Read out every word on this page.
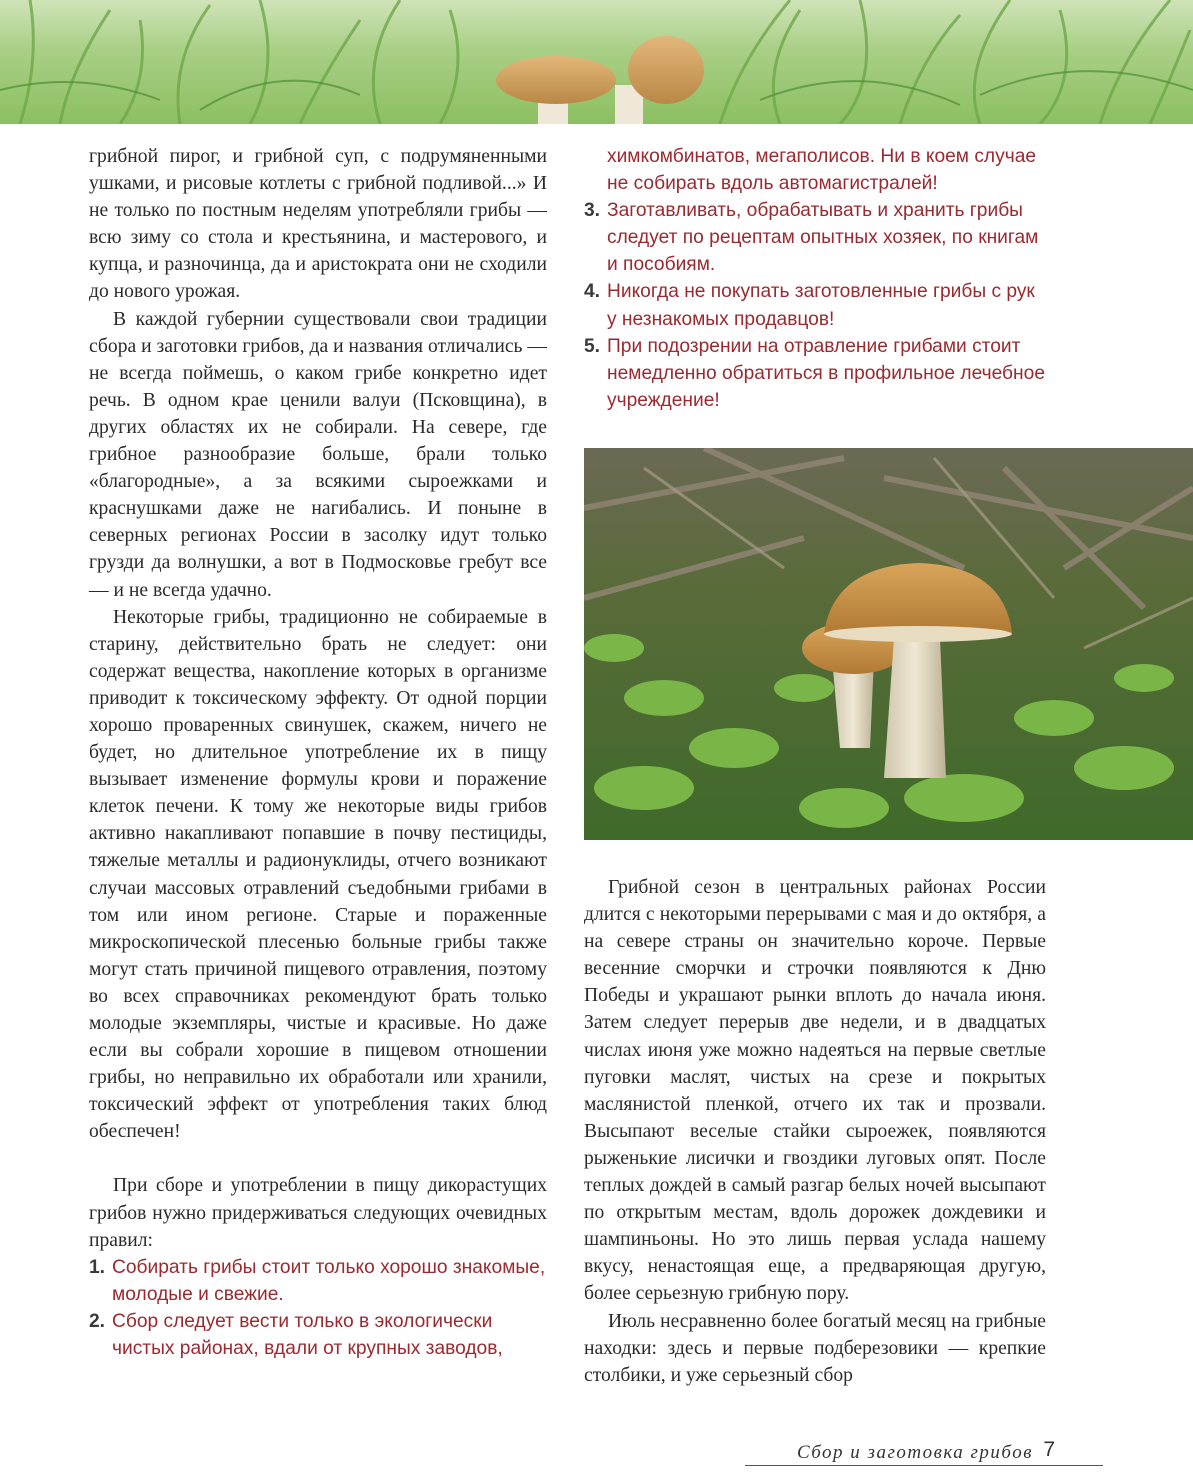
грибной пирог, и грибной суп, с подрумяненными ушками, и рисовые котлеты с грибной подливой...» И не только по постным неделям употребляли грибы — всю зиму со стола и крестьянина, и мастерового, и купца, и разночинца, да и аристократа они не сходили до нового урожая.

В каждой губернии существовали свои традиции сбора и заготовки грибов, да и названия отличались — не всегда поймешь, о каком грибе конкретно идет речь. В одном крае ценили валуи (Псковщина), в других областях их не собирали. На севере, где грибное разнообразие больше, брали только «благородные», а за всякими сыроежками и краснушками даже не нагибались. И поныне в северных регионах России в засолку идут только грузди да волнушки, а вот в Подмосковье гребут все — и не всегда удачно.

Некоторые грибы, традиционно не собираемые в старину, действительно брать не следует: они содержат вещества, накопление которых в организме приводит к токсическому эффекту. От одной порции хорошо проваренных свинушек, скажем, ничего не будет, но длительное употребление их в пищу вызывает изменение формулы крови и поражение клеток печени. К тому же некоторые виды грибов активно накапливают попавшие в почву пестициды, тяжелые металлы и радионуклиды, отчего возникают случаи массовых отравлений съедобными грибами в том или ином регионе. Старые и пораженные микроскопической плесенью больные грибы также могут стать причиной пищевого отравления, поэтому во всех справочниках рекомендуют брать только молодые экземпляры, чистые и красивые. Но даже если вы собрали хорошие в пищевом отношении грибы, но неправильно их обработали или хранили, токсический эффект от употребления таких блюд обеспечен!

При сборе и употреблении в пищу дикорастущих грибов нужно придерживаться следующих очевидных правил:

1. Собирать грибы стоит только хорошо знакомые, молодые и свежие.
2. Сбор следует вести только в экологически чистых районах, вдали от крупных заводов,
химкомбинатов, мегаполисов. Ни в коем случае не собирать вдоль автомагистралей!
3. Заготавливать, обрабатывать и хранить грибы следует по рецептам опытных хозяек, по книгам и пособиям.
4. Никогда не покупать заготовленные грибы с рук у незнакомых продавцов!
5. При подозрении на отравление грибами стоит немедленно обратиться в профильное лечебное учреждение!

Грибной сезон в центральных районах России длится с некоторыми перерывами с мая и до октября, а на севере страны он значительно короче. Первые весенние сморчки и строчки появляются к Дню Победы и украшают рынки вплоть до начала июня. Затем следует перерыв две недели, и в двадцатых числах июня уже можно надеяться на первые светлые пуговки маслят, чистых на срезе и покрытых маслянистой пленкой, отчего их так и прозвали. Высыпают веселые стайки сыроежек, появляются рыженькие лисички и гвоздики луговых опят. После теплых дождей в самый разгар белых ночей высыпают по открытым местам, вдоль дорожек дождевики и шампиньоны. Но это лишь первая услада нашему вкусу, ненастоящая еще, а предваряющая другую, более серьезную грибную пору.

Июль несравненно более богатый месяц на грибные находки: здесь и первые подберезовики — крепкие столбики, и уже серьезный сбор

Сбор и заготовка грибов 7
